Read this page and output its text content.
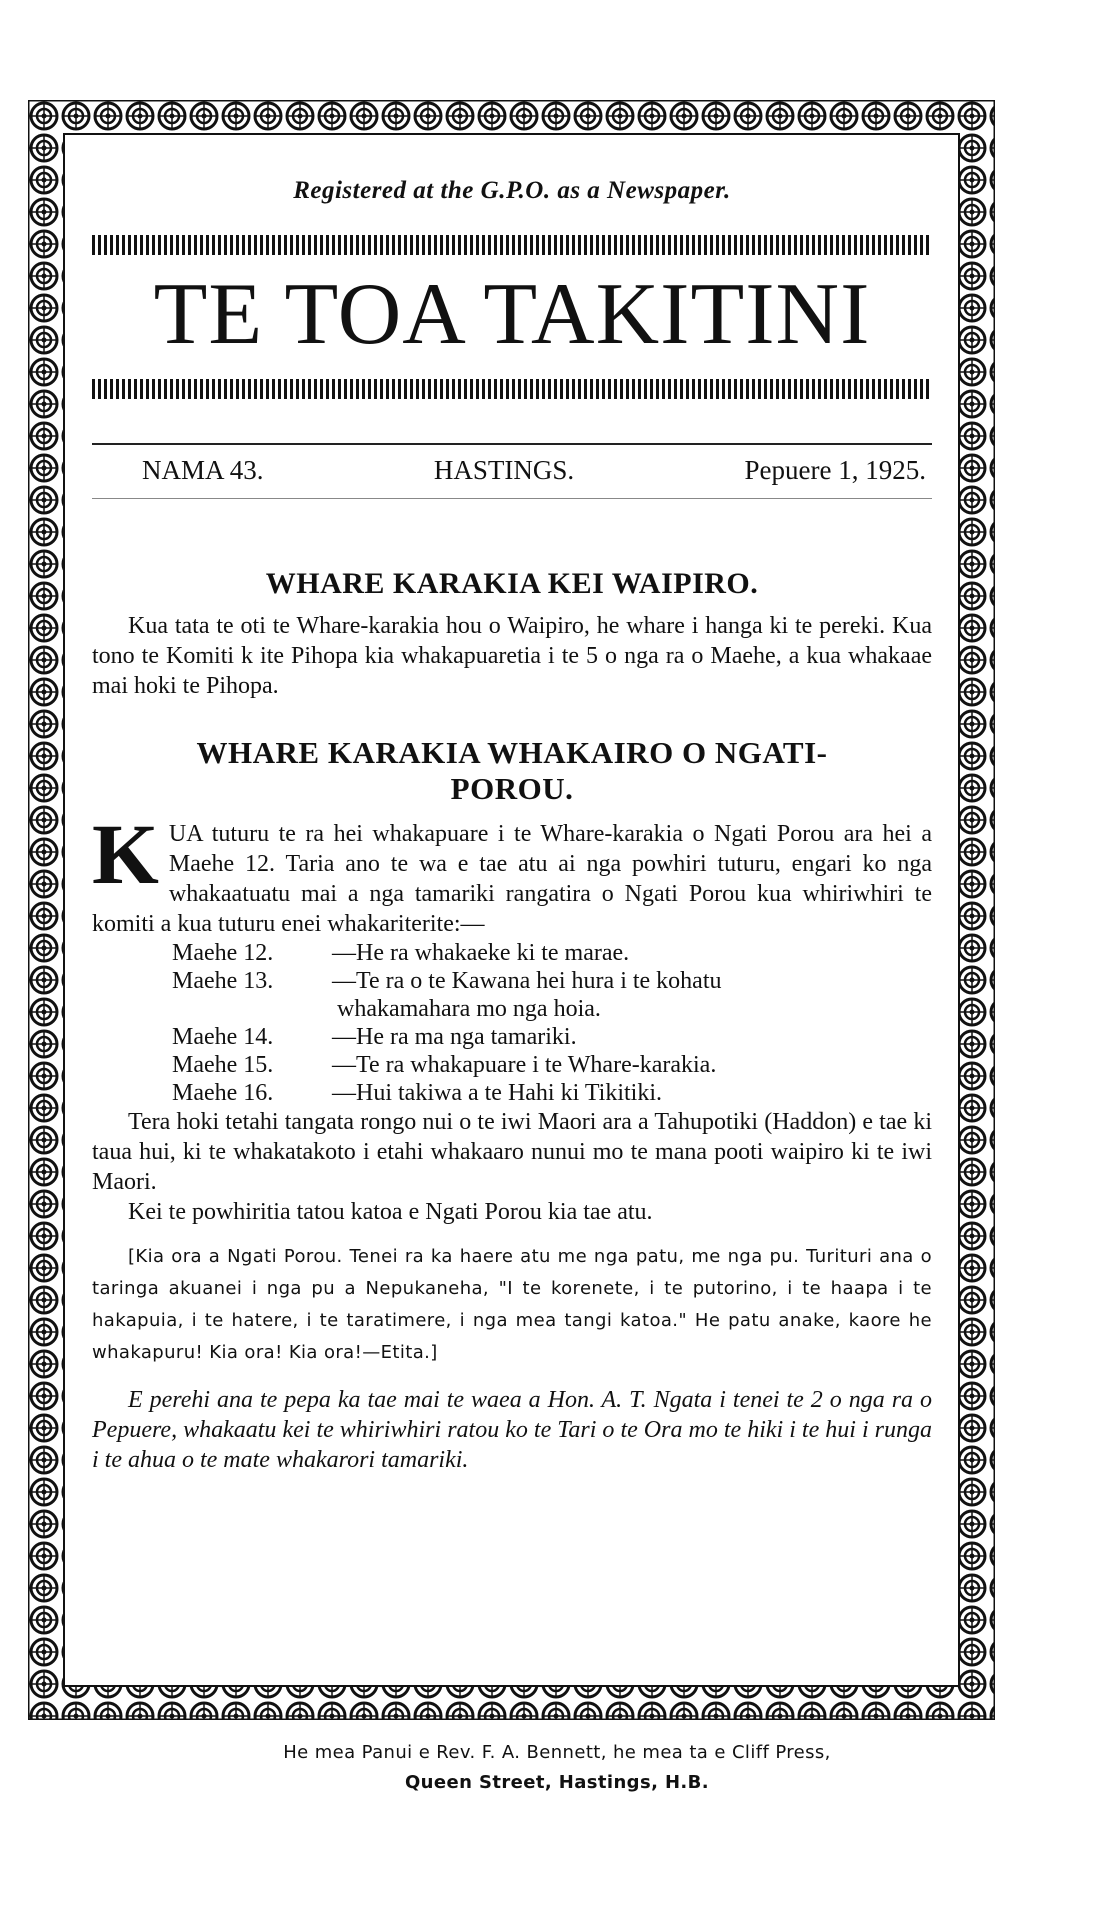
Registered at the G.P.O. as a Newspaper.
TE TOA TAKITINI
NAMA 43.	HASTINGS.	Pepuere 1, 1925.
WHARE KARAKIA KEI WAIPIRO.

Kua tata te oti te Whare-karakia hou o Waipiro, he whare i hanga ki te pereki. Kua tono te Komiti k ite Pihopa kia whakapuaretia i te 5 o nga ra o Maehe, a kua whakaae mai hoki te Pihopa.

WHARE KARAKIA WHAKAIRO O NGATI-
POROU.
K UA tuturu te ra hei whakapuare i te Whare-karakia o Ngati Porou ara hei a Maehe 12. Taria ano te wa e tae atu ai nga powhiri tuturu, engari ko nga whakaatuatu mai a nga tamariki rangatira o Ngati Porou kua whiriwhiri te komiti a kua tuturu enei whakariterite:—

Maehe 12.	—He ra whakaeke ki te marae.
Maehe 13.	—Te ra o te Kawana hei hura i te kohatu
whakamahara mo nga hoia.
Maehe 14.	—He ra ma nga tamariki.
Maehe 15.	—Te ra whakapuare i te Whare-karakia.
Maehe 16.	—Hui takiwa a te Hahi ki Tikitiki.

Tera hoki tetahi tangata rongo nui o te iwi Maori ara a Tahupotiki (Haddon) e tae ki taua hui, ki te whakatakoto i etahi whakaaro nunui mo te mana pooti waipiro ki te iwi Maori.

Kei te powhiritia tatou katoa e Ngati Porou kia tae atu.

[Kia ora a Ngati Porou. Tenei ra ka haere atu me nga patu, me nga pu. Turituri ana o taringa akuanei i nga pu a Nepukaneha, "I te korenete, i te putorino, i te haapa i te hakapuia, i te hatere, i te taratimere, i nga mea tangi katoa." He patu anake, kaore he whakapuru! Kia ora! Kia ora!—Etita.]

E perehi ana te pepa ka tae mai te waea a Hon. A. T. Ngata i tenei te 2 o nga ra o Pepuere, whakaatu kei te whiriwhiri ratou ko te Tari o te Ora mo te hiki i te hui i runga i te ahua o te mate whakarori tamariki.

He mea Panui e Rev. F. A. Bennett, he mea ta e Cliff Press,
Queen Street, Hastings, H.B.
